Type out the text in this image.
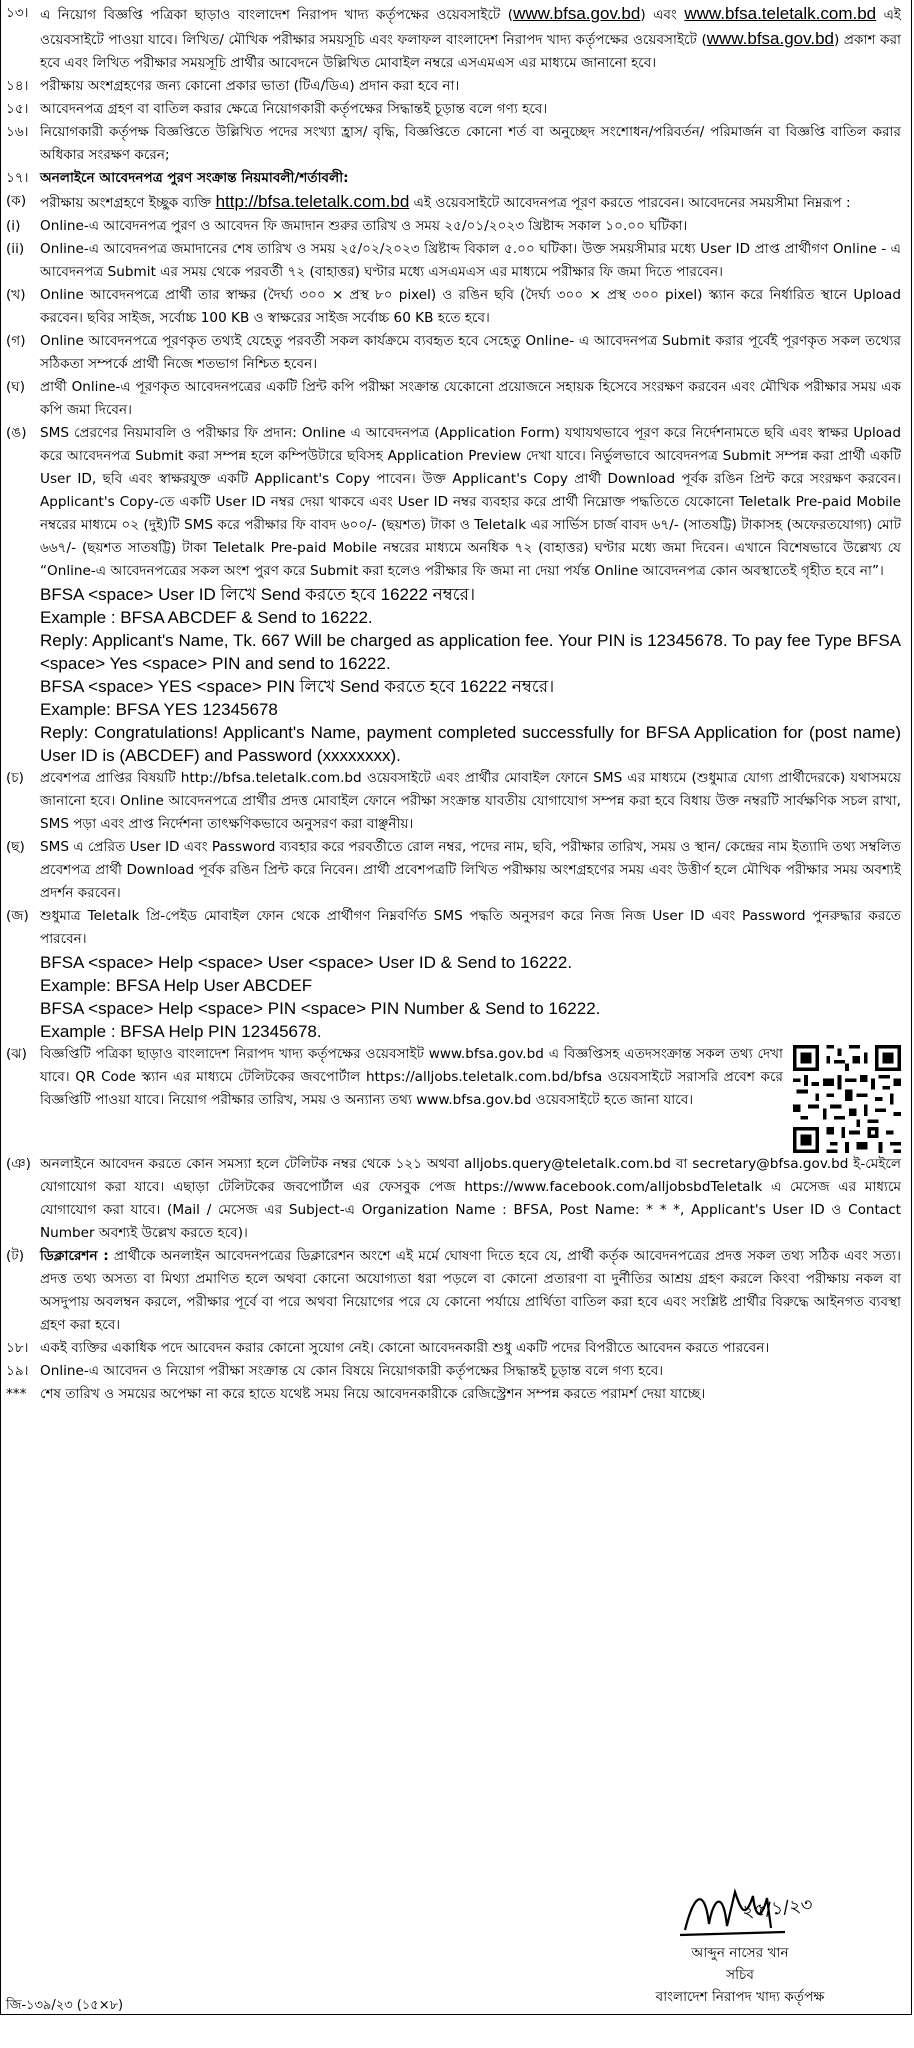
১৩। এ নিয়োগ বিজ্ঞপ্তি পত্রিকা ছাড়াও বাংলাদেশ নিরাপদ খাদ্য কর্তৃপক্ষের ওয়েবসাইটে (www.bfsa.gov.bd) এবং www.bfsa.teletalk.com.bd এই ওয়েবসাইটে পাওয়া যাবে। লিখিত/ মৌখিক পরীক্ষার সময়সূচি এবং ফলাফল বাংলাদেশ নিরাপদ খাদ্য কর্তৃপক্ষের ওয়েবসাইটে (www.bfsa.gov.bd) প্রকাশ করা হবে এবং লিখিত পরীক্ষার সময়সূচি প্রার্থীর আবেদনে উল্লিখিত মোবাইল নম্বরে এসএমএস এর মাধ্যমে জানানো হবে।
১৪। পরীক্ষায় অংশগ্রহণের জন্য কোনো প্রকার ভাতা (টিএ/ডিএ) প্রদান করা হবে না।
১৫। আবেদনপত্র গ্রহণ বা বাতিল করার ক্ষেত্রে নিয়োগকারী কর্তৃপক্ষের সিদ্ধান্তই চূড়ান্ত বলে গণ্য হবে।
১৬। নিয়োগকারী কর্তৃপক্ষ বিজ্ঞপ্তিতে উল্লিখিত পদের সংখ্যা হ্রাস/ বৃদ্ধি, বিজ্ঞপ্তিতে কোনো শর্ত বা অনুচ্ছেদ সংশোধন/পরিবর্তন/ পরিমার্জন বা বিজ্ঞপ্তি বাতিল করার অধিকার সংরক্ষণ করেন;
১৭। অনলাইনে আবেদনপত্র পুরণ সংক্রান্ত নিয়মাবলী/শর্তাবলী:
(ক)	পরীক্ষায় অংশগ্রহণে ইচ্ছুক ব্যক্তি http://bfsa.teletalk.com.bd এই ওয়েবসাইটে আবেদনপত্র পূরণ করতে পারবেন। আবেদনের সময়সীমা নিম্নরূপ :
(i)	Online-এ আবেদনপত্র পুরণ ও আবেদন ফি জমাদান শুরুর তারিখ ও সময় ২৫/০১/২০২৩ খ্রিষ্টাব্দ সকাল ১০.০০ ঘটিকা।
(ii)	Online-এ আবেদনপত্র জমাদানের শেষ তারিখ ও সময় ২৫/০২/২০২৩ খ্রিষ্টাব্দ বিকাল ৫.০০ ঘটিকা। উক্ত সময়সীমার মধ্যে User ID প্রাপ্ত প্রার্থীগণ Online - এ আবেদনপত্র Submit এর সময় থেকে পরবর্তী ৭২ (বাহাত্তর) ঘণ্টার মধ্যে এসএমএস এর মাধ্যমে পরীক্ষার ফি জমা দিতে পারবেন।
(খ)	Online আবেদনপত্রে প্রার্থী তার স্বাক্ষর (দৈর্ঘ্য ৩০০ × প্রস্থ ৮০ pixel) ও রঙিন ছবি (দৈর্ঘ্য ৩০০ × প্রস্থ ৩০০ pixel) স্ক্যান করে নির্ধারিত স্থানে Upload করবেন। ছবির সাইজ, সর্বোচ্চ 100 KB ও স্বাক্ষরের সাইজ সর্বোচ্চ 60 KB হতে হবে।
(গ)	Online আবেদনপত্রে পূরণকৃত তথ্যই যেহেতু পরবর্তী সকল কার্যক্রমে ব্যবহৃত হবে সেহেতু Online- এ আবেদনপত্র Submit করার পূর্বেই পূরণকৃত সকল তথ্যের সঠিকতা সম্পর্কে প্রার্থী নিজে শতভাগ নিশ্চিত হবেন।
(ঘ)	প্রার্থী Online-এ পূরণকৃত আবেদনপত্রের একটি প্রিন্ট কপি পরীক্ষা সংক্রান্ত যেকোনো প্রয়োজনে সহায়ক হিসেবে সংরক্ষণ করবেন এবং মৌখিক পরীক্ষার সময় এক কপি জমা দিবেন।
(ঙ) SMS প্রেরণের নিয়মাবলি ও পরীক্ষার ফি প্রদান: Online এ আবেদনপত্র (Application Form) যথাযথভাবে পূরণ করে নির্দেশনামতে ছবি এবং স্বাক্ষর Upload করে আবেদনপত্র Submit করা সম্পন্ন হলে কম্পিউটারে ছবিসহ Application Preview দেখা যাবে। নির্ভুলভাবে আবেদনপত্র Submit সম্পন্ন করা প্রার্থী একটি User ID, ছবি এবং স্বাক্ষরযুক্ত একটি Applicant's Copy পাবেন। উক্ত Applicant's Copy প্রার্থী Download পূর্বক রঙিন প্রিন্ট করে সংরক্ষণ করবেন। Applicant's Copy-তে একটি User ID নম্বর দেয়া থাকবে এবং User ID নম্বর ব্যবহার করে প্রার্থী নিম্নোক্ত পদ্ধতিতে যেকোনো Teletalk Pre-paid Mobile নম্বরের মাধ্যমে ০২ (দুই)টি SMS করে পরীক্ষার ফি বাবদ ৬০০/- (ছয়শত) টাকা ও Teletalk এর সার্ভিস চার্জ বাবদ ৬৭/- (সাতষট্টি) টাকাসহ (অফেরতযোগ্য) মোট ৬৬৭/- (ছয়শত সাতষট্টি) টাকা Teletalk Pre-paid Mobile নম্বরের মাধ্যমে অনধিক ৭২ (বাহাত্তর) ঘণ্টার মধ্যে জমা দিবেন। এখানে বিশেষভাবে উল্লেখ্য যে “Online-এ আবেদনপত্রের সকল অংশ পুরণ করে Submit করা হলেও পরীক্ষার ফি জমা না দেয়া পর্যন্ত Online আবেদনপত্র কোন অবস্থাতেই গৃহীত হবে না”।

BFSA <space> User ID লিখে Send করতে হবে 16222 নম্বরে।

Example : BFSA ABCDEF & Send to 16222.

Reply: Applicant's Name, Tk. 667 Will be charged as application fee. Your PIN is 12345678. To pay fee Type BFSA <space> Yes <space> PIN and send to 16222.

BFSA <space> YES <space> PIN লিখে Send করতে হবে 16222 নম্বরে।

Example: BFSA YES 12345678

Reply: Congratulations! Applicant's Name, payment completed successfully for BFSA Application for (post name) User ID is (ABCDEF) and Password (xxxxxxxx).

(চ)	প্রবেশপত্র প্রাপ্তির বিষয়টি http://bfsa.teletalk.com.bd ওয়েবসাইটে এবং প্রার্থীর মোবাইল ফোনে SMS এর মাধ্যমে (শুধুমাত্র যোগ্য প্রার্থীদেরকে) যথাসময়ে জানানো হবে। Online আবেদনপত্রে প্রার্থীর প্রদত্ত মোবাইল ফোনে পরীক্ষা সংক্রান্ত যাবতীয় যোগাযোগ সম্পন্ন করা হবে বিধায় উক্ত নম্বরটি সার্বক্ষণিক সচল রাখা, SMS পড়া এবং প্রাপ্ত নির্দেশনা তাৎক্ষণিকভাবে অনুসরণ করা বাঞ্ছনীয়।
(ছ)	SMS এ প্রেরিত User ID এবং Password ব্যবহার করে পরবর্তীতে রোল নম্বর, পদের নাম, ছবি, পরীক্ষার তারিখ, সময় ও স্থান/ কেন্দ্রের নাম ইত্যাদি তথ্য সম্বলিত প্রবেশপত্র প্রার্থী Download পূর্বক রঙিন প্রিন্ট করে নিবেন। প্রার্থী প্রবেশপত্রটি লিখিত পরীক্ষায় অংশগ্রহণের সময় এবং উত্তীর্ণ হলে মৌখিক পরীক্ষার সময় অবশ্যই প্রদর্শন করবেন।
(জ) শুধুমাত্র Teletalk প্রি-পেইড মোবাইল ফোন থেকে প্রার্থীগণ নিম্নবর্ণিত SMS পদ্ধতি অনুসরণ করে নিজ নিজ User ID এবং Password পুনরুদ্ধার করতে পারবেন।

BFSA <space> Help <space> User <space> User ID & Send to 16222.

Example: BFSA Help User ABCDEF

BFSA <space> Help <space> PIN <space> PIN Number & Send to 16222.

Example : BFSA Help PIN 12345678.

(ঝ) বিজ্ঞপ্তিটি পত্রিকা ছাড়াও বাংলাদেশ নিরাপদ খাদ্য কর্তৃপক্ষের ওয়েবসাইট www.bfsa.gov.bd এ বিজ্ঞপ্তিসহ এতদসংক্রান্ত সকল তথ্য দেখা যাবে। QR Code স্ক্যান এর মাধ্যমে টেলিটকের জবপোর্টাল https://alljobs.teletalk.com.bd/bfsa ওয়েবসাইটে সরাসরি প্রবেশ করে বিজ্ঞপ্তিটি পাওয়া যাবে। নিয়োগ পরীক্ষার তারিখ, সময় ও অন্যান্য তথ্য www.bfsa.gov.bd ওয়েবসাইটে হতে জানা যাবে।
(ঞ) অনলাইনে আবেদন করতে কোন সমস্যা হলে টেলিটক নম্বর থেকে ১২১ অথবা alljobs.query@teletalk.com.bd বা secretary@bfsa.gov.bd ই-মেইলে যোগাযোগ করা যাবে। এছাড়া টেলিটকের জবপোর্টাল এর ফেসবুক পেজ https://www.facebook.com/alljobsbdTeletalk এ মেসেজ এর মাধ্যমে যোগাযোগ করা যাবে। (Mail / মেসেজ এর Subject-এ Organization Name : BFSA, Post Name: * * *, Applicant's User ID ও Contact Number অবশ্যই উল্লেখ করতে হবে)।
(ট)	ডিক্লারেশন : প্রার্থীকে অনলাইন আবেদনপত্রের ডিক্লারেশন অংশে এই মর্মে ঘোষণা দিতে হবে যে, প্রার্থী কর্তৃক আবেদনপত্রের প্রদত্ত সকল তথ্য সঠিক এবং সত্য। প্রদত্ত তথ্য অসত্য বা মিথ্যা প্রমাণিত হলে অথবা কোনো অযোগ্যতা ধরা পড়লে বা কোনো প্রতারণা বা দুর্নীতির আশ্রয় গ্রহণ করলে কিংবা পরীক্ষায় নকল বা অসদুপায় অবলম্বন করলে, পরীক্ষার পূর্বে বা পরে অথবা নিয়োগের পরে যে কোনো পর্যায়ে প্রার্থিতা বাতিল করা হবে এবং সংশ্লিষ্ট প্রার্থীর বিরুদ্ধে আইনগত ব্যবস্থা গ্রহণ করা হবে।
১৮। একই ব্যক্তির একাধিক পদে আবেদন করার কোনো সুযোগ নেই। কোনো আবেদনকারী শুধু একটি পদের বিপরীতে আবেদন করতে পারবেন।
১৯। Online-এ আবেদন ও নিয়োগ পরীক্ষা সংক্রান্ত যে কোন বিষয়ে নিয়োগকারী কর্তৃপক্ষের সিদ্ধান্তই চূড়ান্ত বলে গণ্য হবে।
***	শেষ তারিখ ও সময়ের অপেক্ষা না করে হাতে যথেষ্ট সময় নিয়ে আবেদনকারীকে রেজিস্ট্রেশন সম্পন্ন করতে পরামর্শ দেয়া যাচ্ছে।
আব্দুন নাসের খান
সচিব
বাংলাদেশ নিরাপদ খাদ্য কর্তৃপক্ষ
২৫/১/২৩
জি-১৩৯/২৩ (১৫×৮)
